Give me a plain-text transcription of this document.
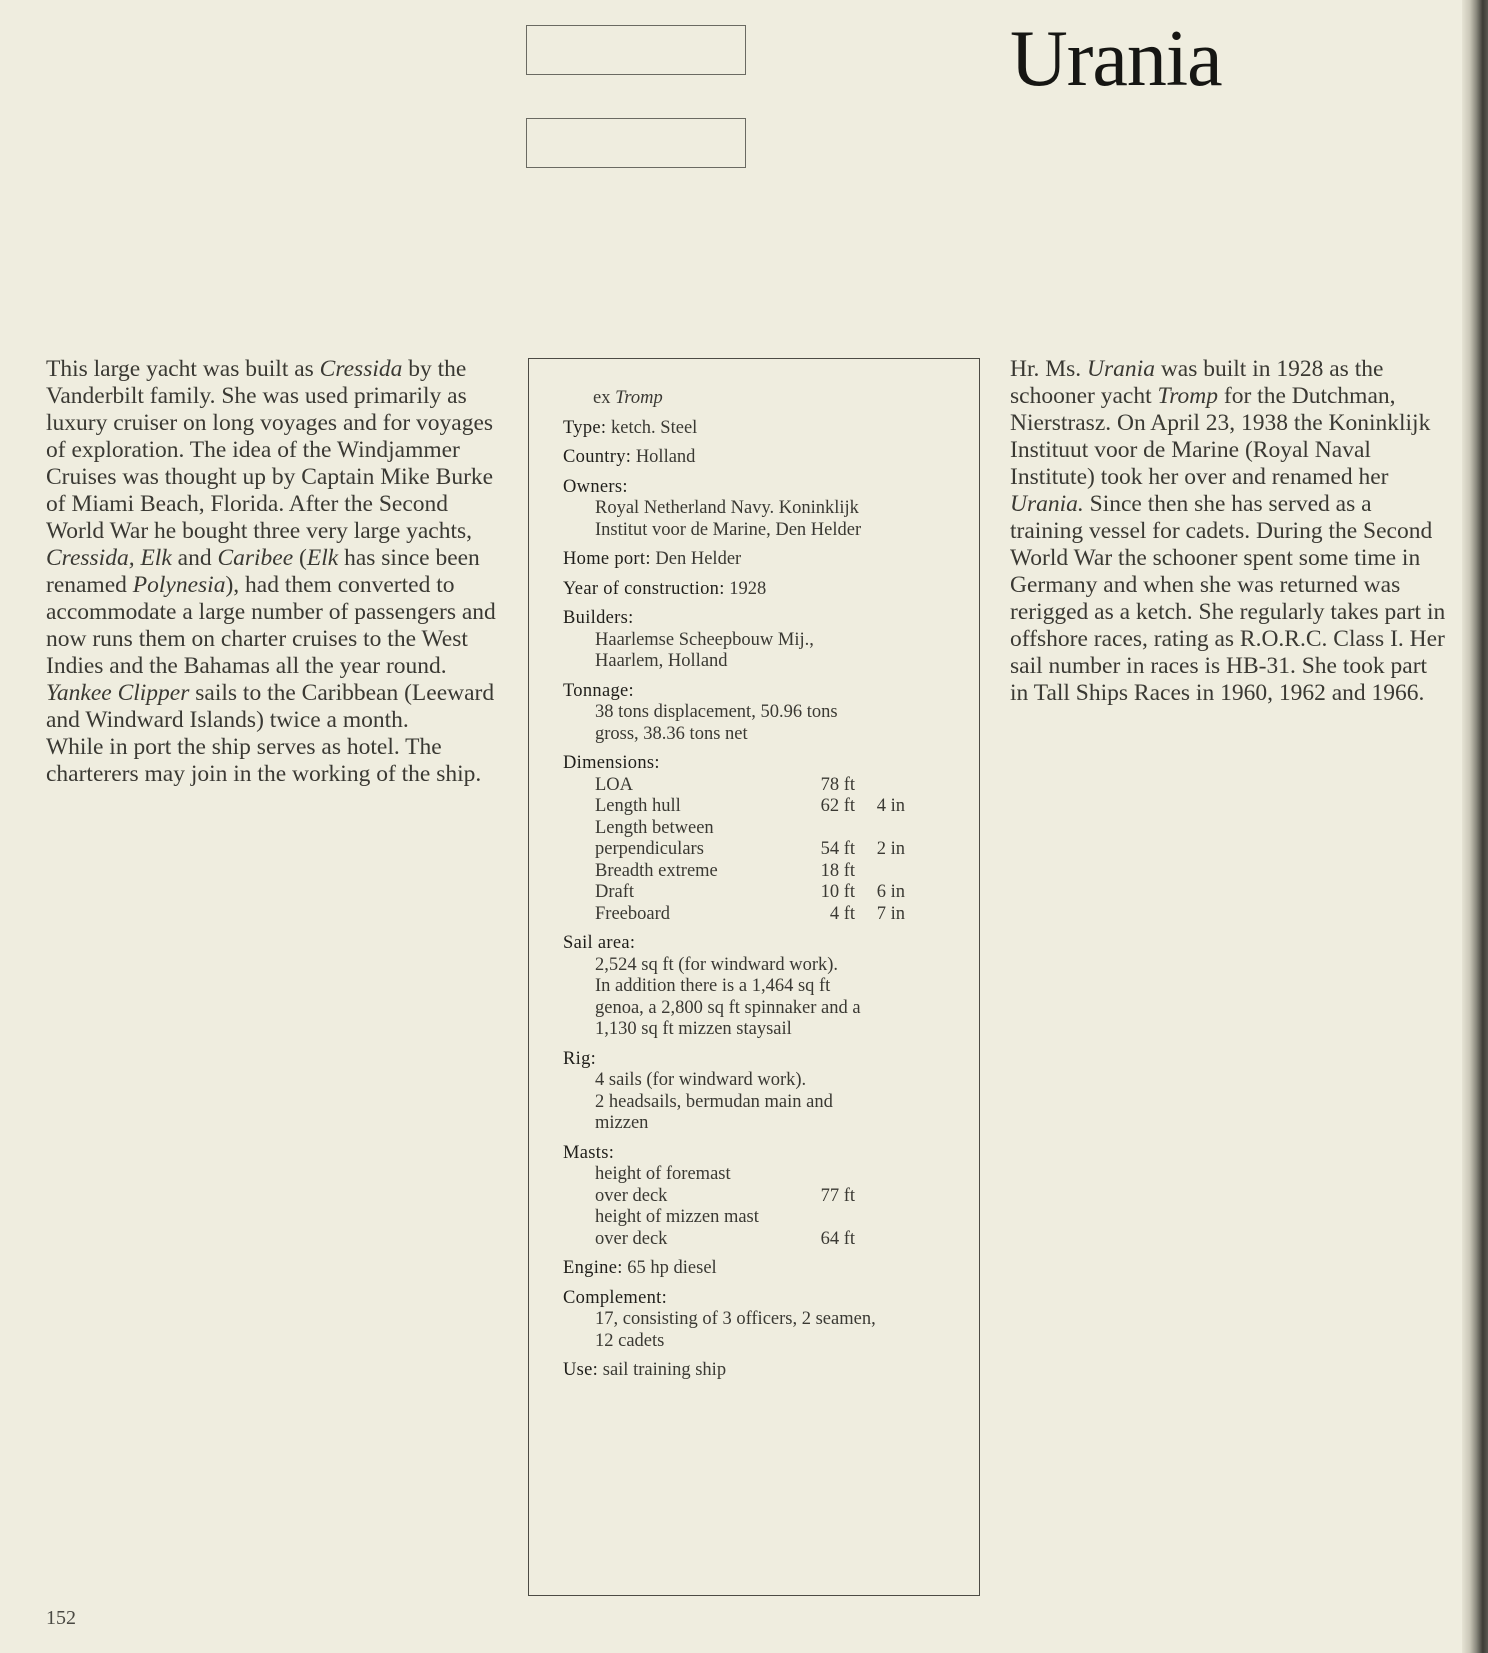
Urania

This large yacht was built as Cressida by the Vanderbilt family. She was used primarily as luxury cruiser on long voyages and for voyages of exploration. The idea of the Windjammer Cruises was thought up by Captain Mike Burke of Miami Beach, Florida. After the Second World War he bought three very large yachts, Cressida, Elk and Caribee (Elk has since been renamed Polynesia), had them converted to accommodate a large number of passengers and now runs them on charter cruises to the West Indies and the Bahamas all the year round. Yankee Clipper sails to the Caribbean (Leeward and Windward Islands) twice a month.

While in port the ship serves as hotel. The charterers may join in the working of the ship.

ex Tromp
Type: ketch. Steel
Country: Holland
Owners:
Royal Netherland Navy. Koninklijk
Institut voor de Marine, Den Helder
Home port: Den Helder
Year of construction: 1928
Builders:
Haarlemse Scheepbouw Mij.,
Haarlem, Holland
Tonnage:
38 tons displacement, 50.96 tons
gross, 38.36 tons net
Dimensions:
LOA	78 ft
Length hull	62 ft	4 in
Length between
perpendiculars	54 ft	2 in
Breadth extreme	18 ft
Draft	10 ft	6 in
Freeboard	4 ft	7 in
Sail area:
2,524 sq ft (for windward work).
In addition there is a 1,464 sq ft
genoa, a 2,800 sq ft spinnaker and a
1,130 sq ft mizzen staysail
Rig:
4 sails (for windward work).
2 headsails, bermudan main and
mizzen
Masts:
height of foremast
over deck	77 ft
height of mizzen mast
over deck	64 ft
Engine: 65 hp diesel
Complement:
17, consisting of 3 officers, 2 seamen,
12 cadets
Use: sail training ship

Hr. Ms. Urania was built in 1928 as the schooner yacht Tromp for the Dutchman, Nierstrasz. On April 23, 1938 the Koninklijk Instituut voor de Marine (Royal Naval Institute) took her over and renamed her Urania. Since then she has served as a training vessel for cadets. During the Second World War the schooner spent some time in Germany and when she was returned was rerigged as a ketch. She regularly takes part in offshore races, rating as R.O.R.C. Class I. Her sail number in races is HB-31. She took part in Tall Ships Races in 1960, 1962 and 1966.

152
